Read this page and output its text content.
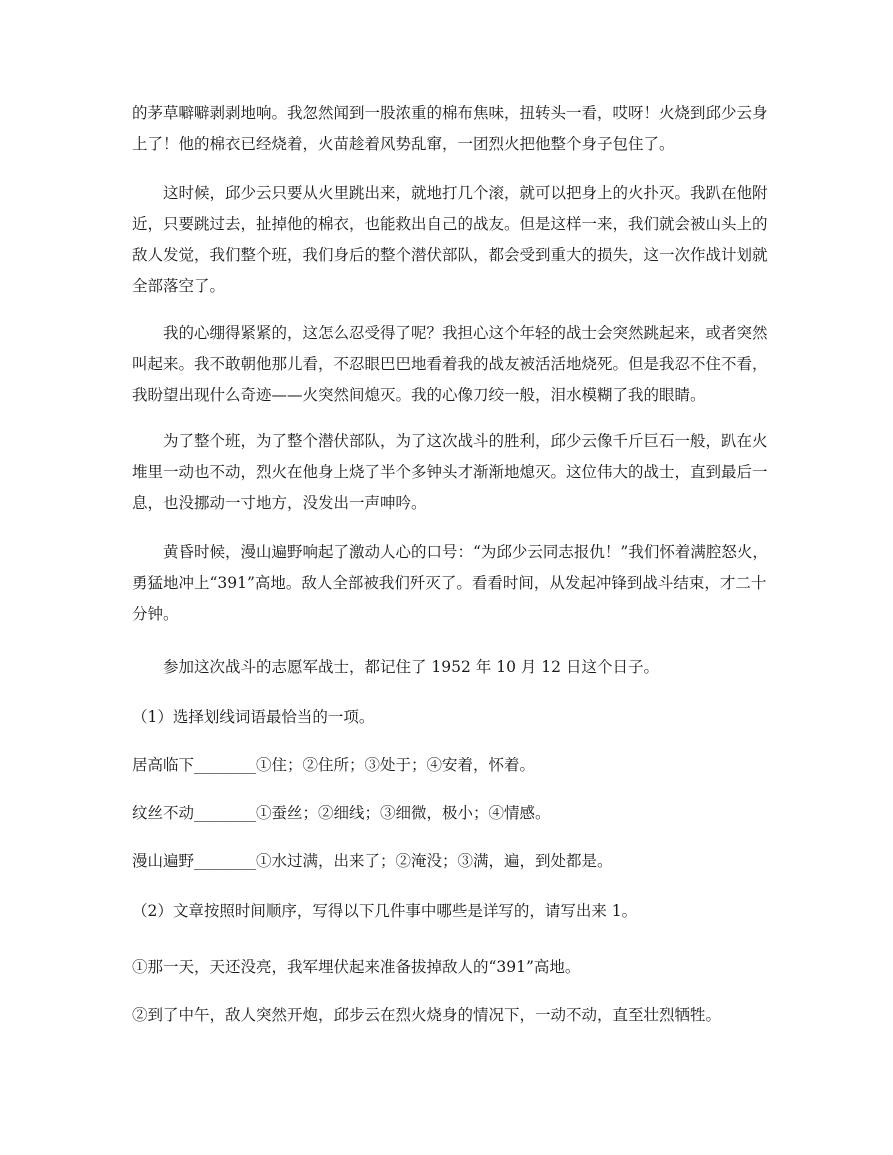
的茅草噼噼剥剥地响。我忽然闻到一股浓重的棉布焦味，扭转头一看，哎呀！火烧到邱少云身上了！他的棉衣已经烧着，火苗趁着风势乱窜，一团烈火把他整个身子包住了。

这时候，邱少云只要从火里跳出来，就地打几个滚，就可以把身上的火扑灭。我趴在他附近，只要跳过去，扯掉他的棉衣，也能救出自己的战友。但是这样一来，我们就会被山头上的敌人发觉，我们整个班，我们身后的整个潜伏部队，都会受到重大的损失，这一次作战计划就全部落空了。

我的心绷得紧紧的，这怎么忍受得了呢？我担心这个年轻的战士会突然跳起来，或者突然叫起来。我不敢朝他那儿看，不忍眼巴巴地看着我的战友被活活地烧死。但是我忍不住不看，我盼望出现什么奇迹——火突然间熄灭。我的心像刀绞一般，泪水模糊了我的眼睛。

为了整个班，为了整个潜伏部队，为了这次战斗的胜利，邱少云像千斤巨石一般，趴在火堆里一动也不动，烈火在他身上烧了半个多钟头才渐渐地熄灭。这位伟大的战士，直到最后一息，也没挪动一寸地方，没发出一声呻吟。

黄昏时候，漫山遍野响起了激动人心的口号：“为邱少云同志报仇！”我们怀着满腔怒火，勇猛地冲上“391”高地。敌人全部被我们歼灭了。看看时间，从发起冲锋到战斗结束，才二十分钟。

参加这次战斗的志愿军战士，都记住了 1952 年 10 月 12 日这个日子。

（1）选择划线词语最恰当的一项。

居高临下________①住；②住所；③处于；④安着，怀着。

纹丝不动________①蚕丝；②细线；③细微，极小；④情感。

漫山遍野________①水过满，出来了；②淹没；③满，遍，到处都是。

（2）文章按照时间顺序，写得以下几件事中哪些是详写的，请写出来 1。

①那一天，天还没亮，我军埋伏起来准备拔掉敌人的“391”高地。

②到了中午，敌人突然开炮，邱步云在烈火烧身的情况下，一动不动，直至壮烈牺牲。
